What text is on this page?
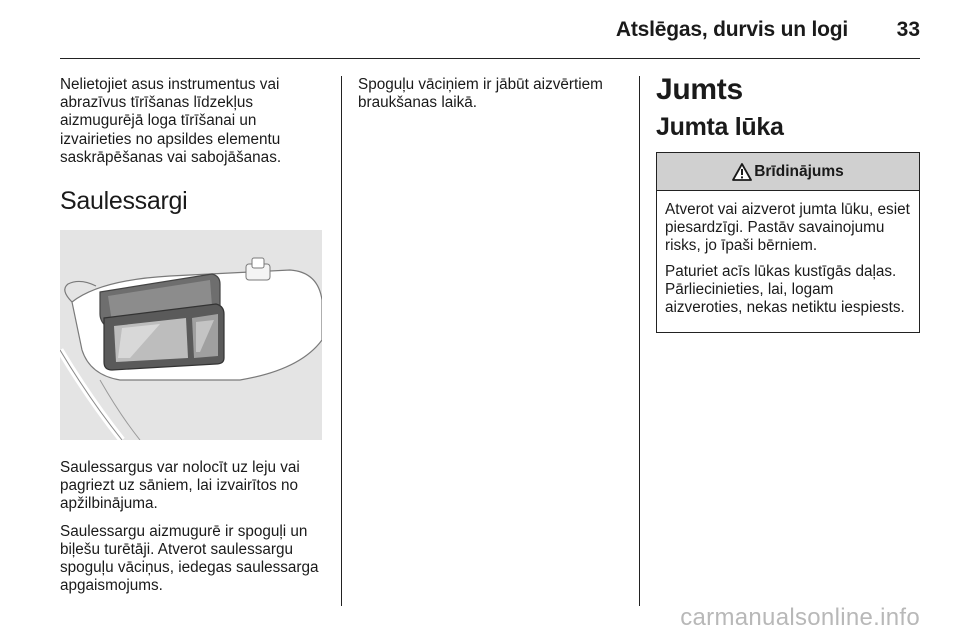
Atslēgas, durvis un logi 33

Nelietojiet asus instrumentus vai abrazīvus tīrīšanas līdzekļus aizmugurējā loga tīrīšanai un izvairieties no apsildes elementu saskrāpēšanas vai sabojāšanas.

Saulessargi

Saulessargus var nolocīt uz leju vai pagriezt uz sāniem, lai izvairītos no apžilbinājuma.

Saulessargu aizmugurē ir spoguļi un biļešu turētāji. Atverot saulessargu spoguļu vāciņus, iedegas saulessarga apgaismojums.

Spoguļu vāciņiem ir jābūt aizvērtiem braukšanas laikā.	Jumts
Jumta lūka
Brīdinājums

Atverot vai aizverot jumta lūku, esiet piesardzīgi. Pastāv savainojumu risks, jo īpaši bērniem.

Paturiet acīs lūkas kustīgās daļas. Pārliecinieties, lai, logam aizveroties, nekas netiktu iespiests.

carmanualsonline.info
